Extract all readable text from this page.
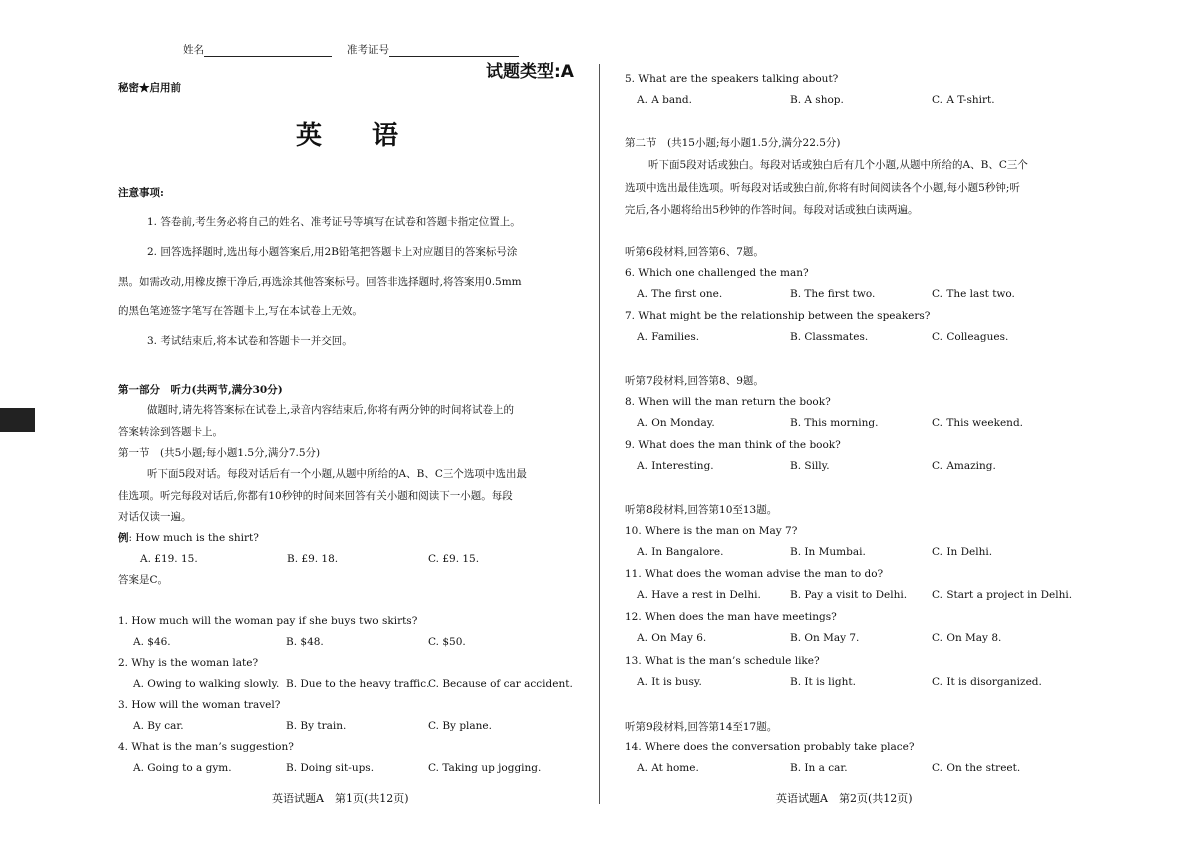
姓名	准考证号
试题类型:A
秘密★启用前
英语
注意事项:
1. 答卷前,考生务必将自己的姓名、准考证号等填写在试卷和答题卡指定位置上。
2. 回答选择题时,选出每小题答案后,用2B铅笔把答题卡上对应题目的答案标号涂
黑。如需改动,用橡皮擦干净后,再选涂其他答案标号。回答非选择题时,将答案用0.5mm
的黑色笔迹签字笔写在答题卡上,写在本试卷上无效。
3. 考试结束后,将本试卷和答题卡一并交回。
第一部分　听力(共两节,满分30分)
做题时,请先将答案标在试卷上,录音内容结束后,你将有两分钟的时间将试卷上的
答案转涂到答题卡上。
第一节　(共5小题;每小题1.5分,满分7.5分)
听下面5段对话。每段对话后有一个小题,从题中所给的A、B、C三个选项中选出最
佳选项。听完每段对话后,你都有10秒钟的时间来回答有关小题和阅读下一小题。每段
对话仅读一遍。
例: How much is the shirt?
A. £19. 15.	B. £9. 18.	C. £9. 15.
答案是C。
1. How much will the woman pay if she buys two skirts?
A. $46.	B. $48.	C. $50.
2. Why is the woman late?
A. Owing to walking slowly. B. Due to the heavy traffic.
C. Because of car accident.
3. How will the woman travel?
A. By car.	B. By train.	C. By plane.
4. What is the man’s suggestion?
A. Going to a gym.	B. Doing sit-ups.	C. Taking up jogging.
英语试题A　第1页(共12页)
5. What are the speakers talking about?
A. A band.	B. A shop.	C. A T-shirt.
第二节　(共15小题;每小题1.5分,满分22.5分)
听下面5段对话或独白。每段对话或独白后有几个小题,从题中所给的A、B、C三个
选项中选出最佳选项。听每段对话或独白前,你将有时间阅读各个小题,每小题5秒钟;听
完后,各小题将给出5秒钟的作答时间。每段对话或独白读两遍。
听第6段材料,回答第6、7题。
6. Which one challenged the man?
A. The first one.	B. The first two.	C. The last two.
7. What might be the relationship between the speakers?
A. Families.	B. Classmates.	C. Colleagues.
听第7段材料,回答第8、9题。
8. When will the man return the book?
A. On Monday.	B. This morning.	C. This weekend.
9. What does the man think of the book?
A. Interesting.	B. Silly.	C. Amazing.
听第8段材料,回答第10至13题。
10. Where is the man on May 7?
A. In Bangalore.	B. In Mumbai.	C. In Delhi.
11. What does the woman advise the man to do?
A. Have a rest in Delhi.	B. Pay a visit to Delhi. C. Start a project in Delhi.
12. When does the man have meetings?
A. On May 6.	B. On May 7.	C. On May 8.
13. What is the man’s schedule like?
A. It is busy.	B. It is light.	C. It is disorganized.
听第9段材料,回答第14至17题。
14. Where does the conversation probably take place?
A. At home.	B. In a car.	C. On the street.
英语试题A　第2页(共12页)
